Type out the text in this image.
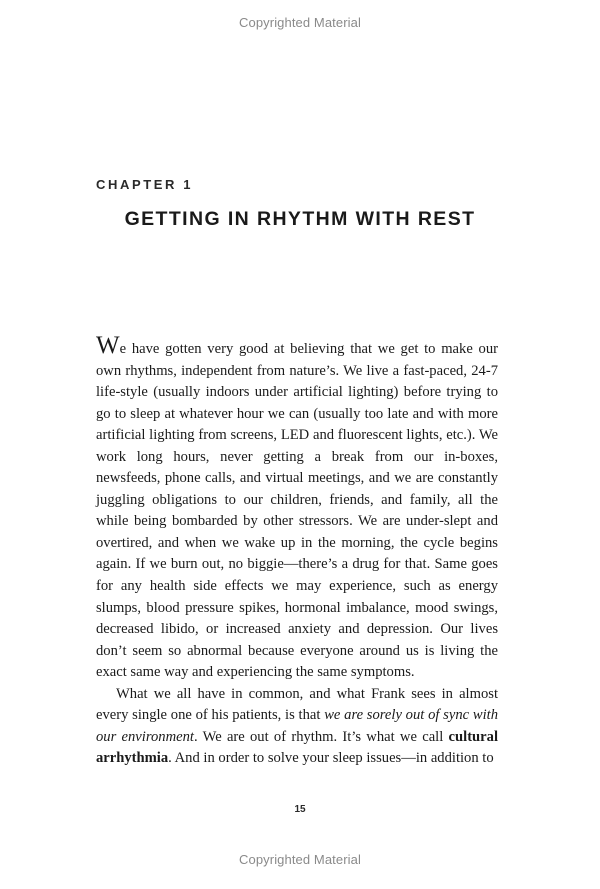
Copyrighted Material
CHAPTER 1
GETTING IN RHYTHM WITH REST

We have gotten very good at believing that we get to make our own rhythms, independent from nature’s. We live a fast-paced, 24-7 life-style (usually indoors under artificial lighting) before trying to go to sleep at whatever hour we can (usually too late and with more artificial lighting from screens, LED and fluorescent lights, etc.). We work long hours, never getting a break from our in-boxes, newsfeeds, phone calls, and virtual meetings, and we are constantly juggling obligations to our children, friends, and family, all the while being bombarded by other stressors. We are under-slept and overtired, and when we wake up in the morning, the cycle begins again. If we burn out, no biggie—there’s a drug for that. Same goes for any health side effects we may experience, such as energy slumps, blood pressure spikes, hormonal imbalance, mood swings, decreased libido, or increased anxiety and depression. Our lives don’t seem so abnormal because everyone around us is living the exact same way and experiencing the same symptoms.

What we all have in common, and what Frank sees in almost every single one of his patients, is that we are sorely out of sync with our environment. We are out of rhythm. It’s what we call cultural arrhythmia. And in order to solve your sleep issues—in addition to

15
Copyrighted Material
